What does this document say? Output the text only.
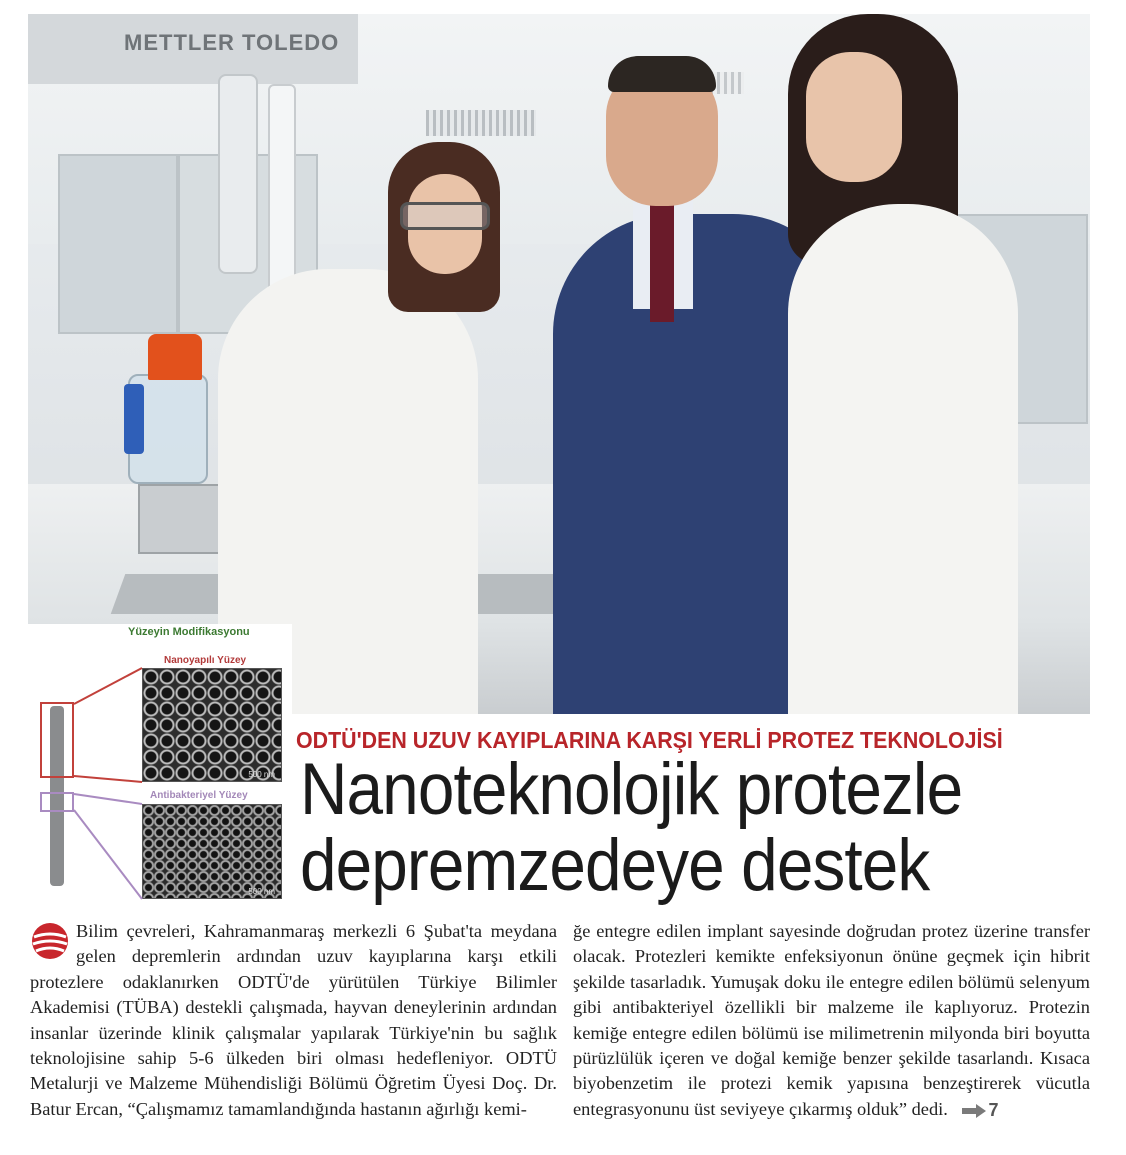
METTLER TOLEDO
Yüzeyin Modifikasyonu
Nanoyapılı Yüzey
500 nm
Antibakteriyel Yüzey
500 nm
ODTÜ'DEN UZUV KAYIPLARINA KARŞI YERLİ PROTEZ TEKNOLOJİSİ
Nanoteknolojik protezle
depremzedeye destek
Bilim çevreleri, Kahramanmaraş merkezli 6 Şubat'ta meydana gelen depremlerin ardından uzuv kayıplarına karşı etkili protezlere odaklanırken ODTÜ'de yürütülen Türkiye Bilimler Akademisi (TÜBA) destekli çalışmada, hayvan deneylerinin ardından insanlar üzerinde klinik çalışmalar yapılarak Türkiye'nin bu sağlık teknolojisine sahip 5-6 ülkeden biri olması hedefleniyor. ODTÜ Metalurji ve Malzeme Mühendisliği Bölümü Öğretim Üyesi Doç. Dr. Batur Ercan, “Çalışmamız tamamlandığında hastanın ağırlığı kemi-
ğe entegre edilen implant sayesinde doğrudan protez üzerine transfer olacak. Protezleri kemikte enfeksiyonun önüne geçmek için hibrit şekilde tasarladık. Yumuşak doku ile entegre edilen bölümü selenyum gibi antibakteriyel özellikli bir malzeme ile kaplıyoruz. Protezin kemiğe entegre edilen bölümü ise milimetrenin milyonda biri boyutta pürüzlülük içeren ve doğal kemiğe benzer şekilde tasarlandı. Kısaca biyobenzetim ile protezi kemik yapısına benzeştirerek vücutla entegrasyonunu üst seviyeye çıkarmış olduk” dedi. 7
